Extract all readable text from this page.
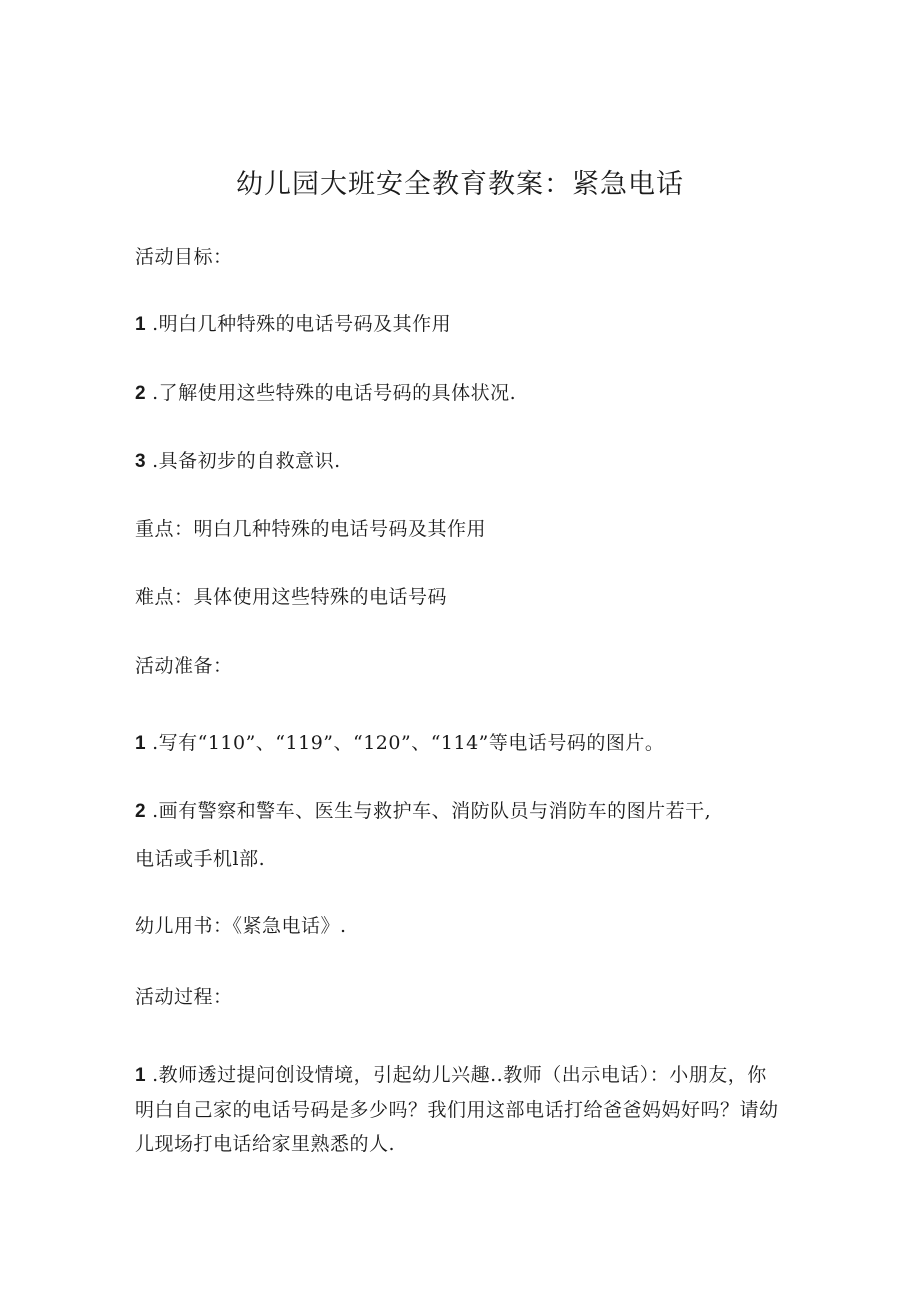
幼儿园大班安全教育教案：紧急电话
活动目标：
1 .明白几种特殊的电话号码及其作用
2 .了解使用这些特殊的电话号码的具体状况.
3 .具备初步的自救意识.
重点：明白几种特殊的电话号码及其作用
难点：具体使用这些特殊的电话号码
活动准备：
1 .写有“110”、“119”、“120”、“114”等电话号码的图片。
2 .画有警察和警车、医生与救护车、消防队员与消防车的图片若干,
电话或手机l部.
幼儿用书：《紧急电话》.
活动过程：
1 .教师透过提问创设情境，引起幼儿兴趣..教师（出示电话）：小朋友，你明白自己家的电话号码是多少吗？我们用这部电话打给爸爸妈妈好吗？请幼儿现场打电话给家里熟悉的人.
